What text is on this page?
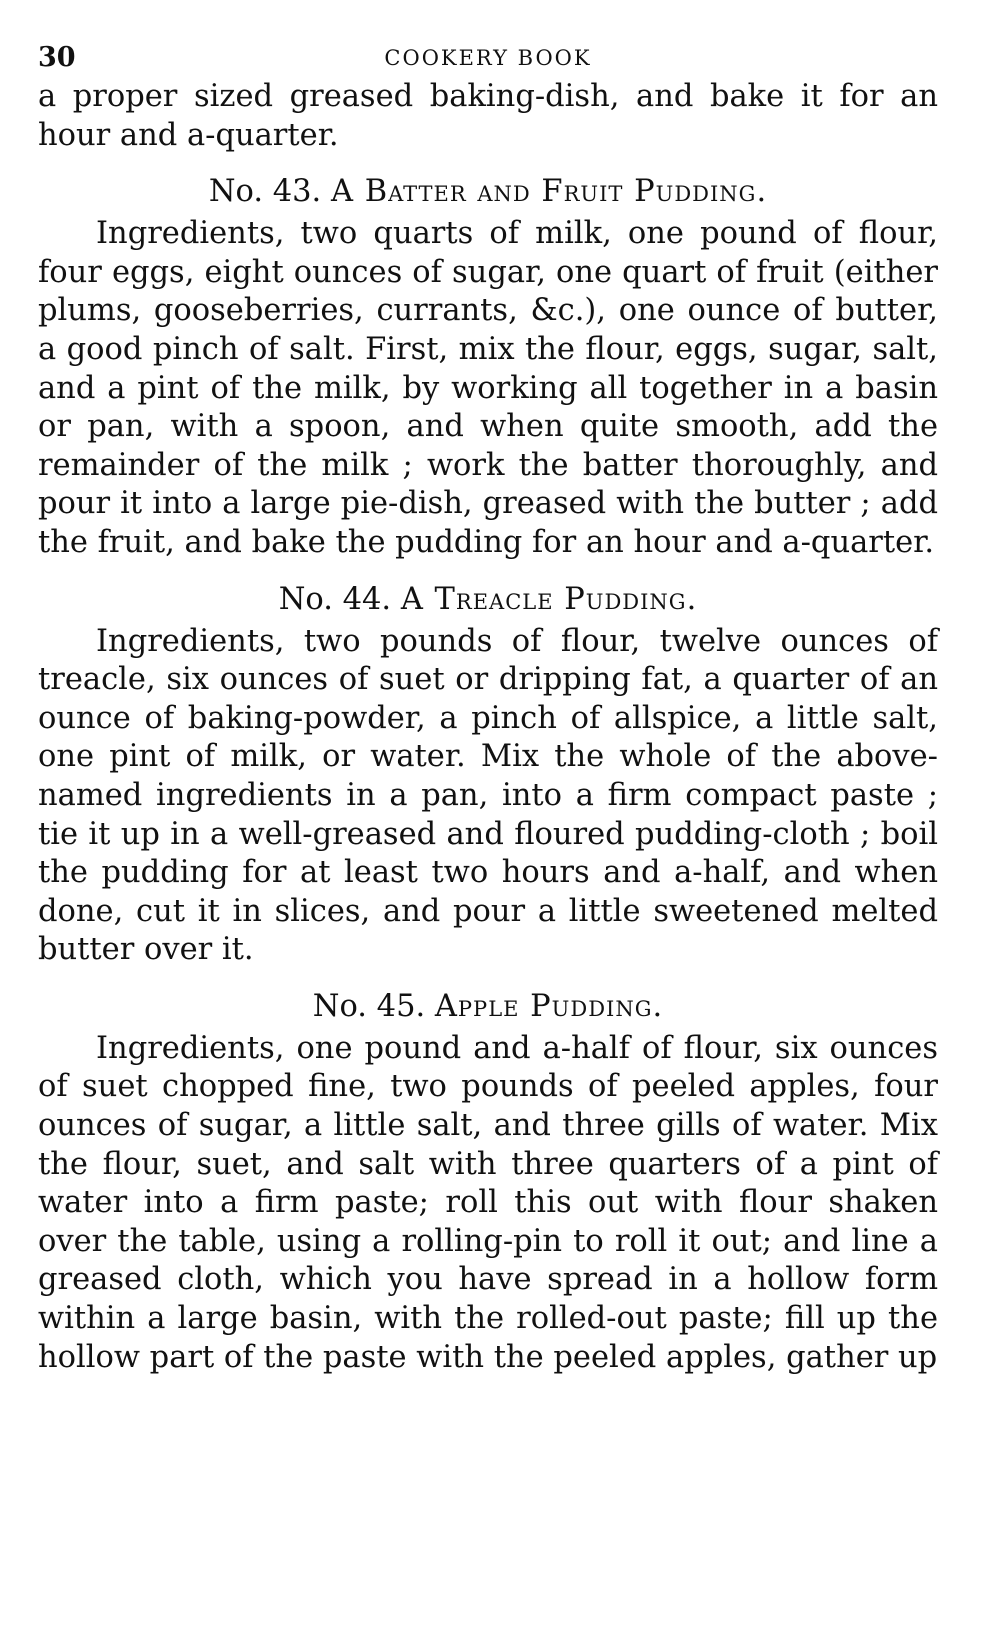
30	COOKERY BOOK

a proper sized greased baking-dish, and bake it for an hour and a-quarter.

No. 43. A Batter and Fruit Pudding.

Ingredients, two quarts of milk, one pound of flour, four eggs, eight ounces of sugar, one quart of fruit (either plums, gooseberries, currants, &c.), one ounce of butter, a good pinch of salt. First, mix the flour, eggs, sugar, salt, and a pint of the milk, by working all together in a basin or pan, with a spoon, and when quite smooth, add the remainder of the milk ; work the batter thoroughly, and pour it into a large pie-dish, greased with the butter ; add the fruit, and bake the pudding for an hour and a-quarter.

No. 44. A Treacle Pudding.

Ingredients, two pounds of flour, twelve ounces of treacle, six ounces of suet or dripping fat, a quarter of an ounce of baking-powder, a pinch of allspice, a little salt, one pint of milk, or water. Mix the whole of the above-named ingredients in a pan, into a firm compact paste ; tie it up in a well-greased and floured pudding-cloth ; boil the pudding for at least two hours and a-half, and when done, cut it in slices, and pour a little sweetened melted butter over it.

No. 45. Apple Pudding.

Ingredients, one pound and a-half of flour, six ounces of suet chopped fine, two pounds of peeled apples, four ounces of sugar, a little salt, and three gills of water. Mix the flour, suet, and salt with three quarters of a pint of water into a firm paste; roll this out with flour shaken over the table, using a rolling-pin to roll it out; and line a greased cloth, which you have spread in a hollow form within a large basin, with the rolled-out paste; fill up the hollow part of the paste with the peeled apples, gather up
